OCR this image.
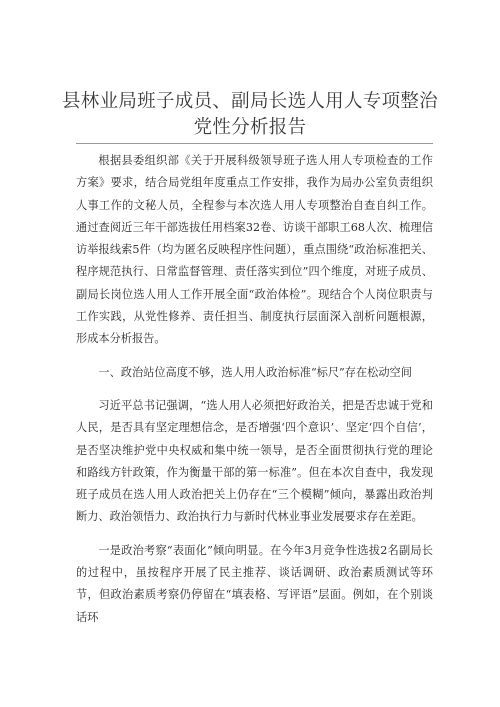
县林业局班子成员、副局长选人用人专项整治
党性分析报告

根据县委组织部《关于开展科级领导班子选人用人专项检查的工作方案》要求，结合局党组年度重点工作安排，我作为局办公室负责组织人事工作的文秘人员，全程参与本次选人用人专项整治自查自纠工作。通过查阅近三年干部选拔任用档案32卷、访谈干部职工68人次、梳理信访举报线索5件（均为匿名反映程序性问题），重点围绕“政治标准把关、程序规范执行、日常监督管理、责任落实到位”四个维度，对班子成员、副局长岗位选人用人工作开展全面“政治体检”。现结合个人岗位职责与工作实践，从党性修养、责任担当、制度执行层面深入剖析问题根源，形成本分析报告。

一、政治站位高度不够，选人用人政治标准“标尺”存在松动空间

习近平总书记强调，“选人用人必须把好政治关，把是否忠诚于党和人民，是否具有坚定理想信念，是否增强‘四个意识’、坚定‘四个自信’，是否坚决维护党中央权威和集中统一领导，是否全面贯彻执行党的理论和路线方针政策，作为衡量干部的第一标准”。但在本次自查中，我发现班子成员在选人用人政治把关上仍存在“三个模糊”倾向，暴露出政治判断力、政治领悟力、政治执行力与新时代林业事业发展要求存在差距。

一是政治考察“表面化”倾向明显。在今年3月竞争性选拔2名副局长的过程中，虽按程序开展了民主推荐、谈话调研、政治素质测试等环节，但政治素质考察仍停留在“填表格、写评语”层面。例如，在个别谈话环
